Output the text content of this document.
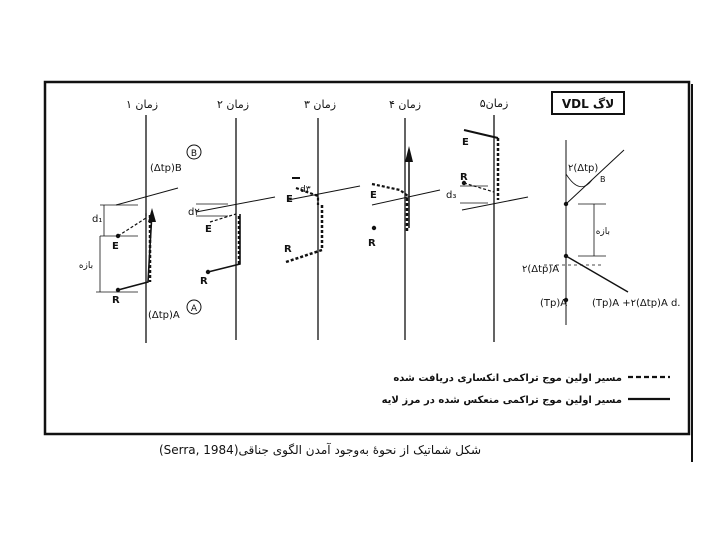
زمان ۱	زمان ۲	زمان ۳	زمان ۴	زمان۵	لاگ VDL
B
(Δtp)B
d₁
بازه
E
R
A
(Δtp)A
d۲
E
R
d۳
E
R
E
R
E
R
d₃
۲(Δtp)
B
بازه
۲(Δtp)A
(Tp)A (Tp)A +۲(Δtp)A d.
مسیر اولین موج تراکمی انکساری دریافت شده
مسیر اولین موج تراکمی منعکس شده در مرز لایه
شکل شماتیک از نحوهٔ به‌وجود آمدن الگوی جناقی(Serra, 1984)
